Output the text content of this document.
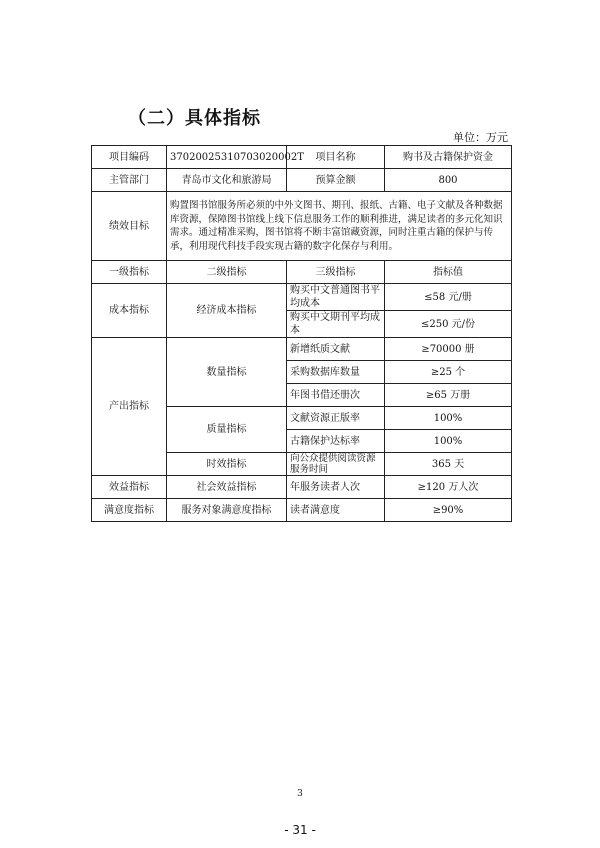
（二）具体指标
单位：万元
项目编码	37020025310703020002T	项目名称	购书及古籍保护资金
主管部门	青岛市文化和旅游局	预算金额	800
绩效目标	购置图书馆服务所必须的中外文图书、期刊、报纸、古籍、电子文献及各种数据库资源，保障图书馆线上线下信息服务工作的顺利推进，满足读者的多元化知识需求。通过精准采购，图书馆将不断丰富馆藏资源，同时注重古籍的保护与传承，利用现代科技手段实现古籍的数字化保存与利用。		
一级指标	二级指标	三级指标	指标值
成本指标	经济成本指标	购买中文普通图书平均成本	≤58 元/册
		购买中文期刊平均成本	≤250 元/份
产出指标	数量指标	新增纸质文献	≥70000 册
		采购数据库数量	≥25 个
		年图书借还册次	≥65 万册
	质量指标	文献资源正版率	100%
		古籍保护达标率	100%
	时效指标	向公众提供阅读资源服务时间	365 天
效益指标	社会效益指标	年服务读者人次	≥120 万人次
满意度指标	服务对象满意度指标	读者满意度	≥90%
3
- 31 -
